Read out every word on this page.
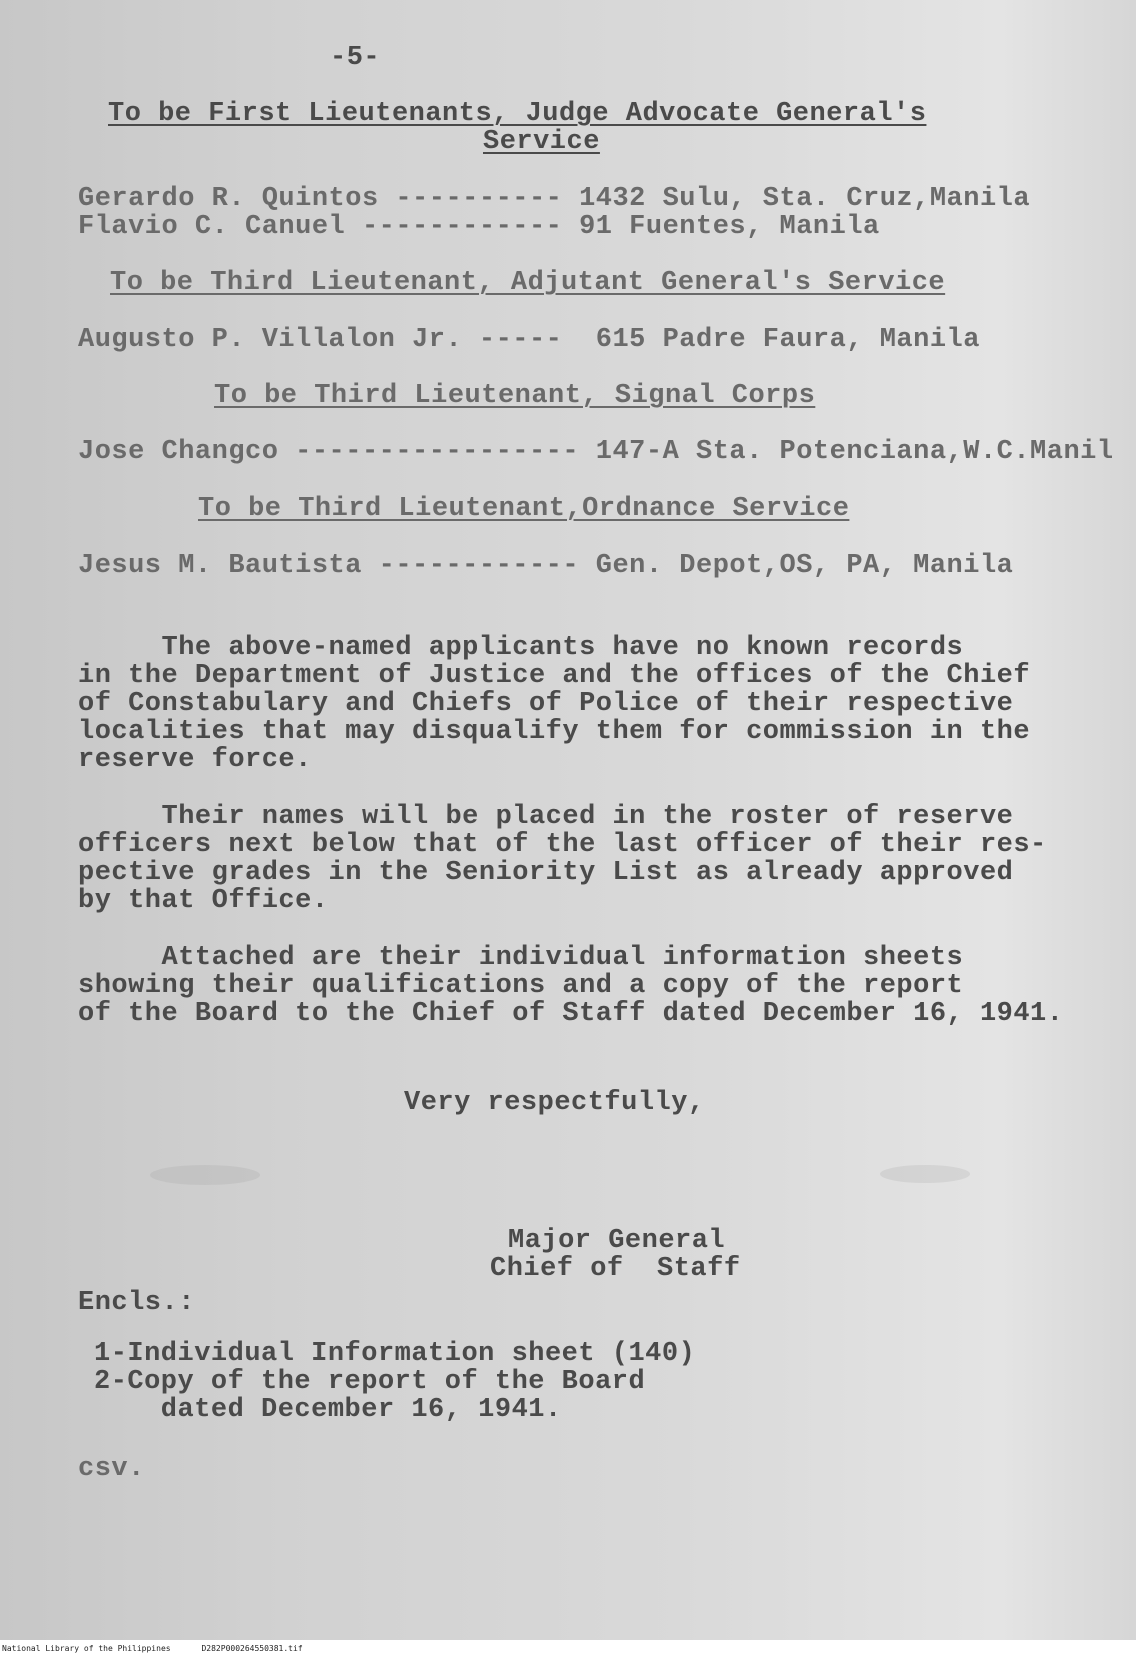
-5-
To be First Lieutenants, Judge Advocate General's
Service
Gerardo R. Quintos ---------- 1432 Sulu, Sta. Cruz,Manila
Flavio C. Canuel ------------ 91 Fuentes, Manila
To be Third Lieutenant, Adjutant General's Service
Augusto P. Villalon Jr. -----  615 Padre Faura, Manila
To be Third Lieutenant, Signal Corps
Jose Changco ----------------- 147-A Sta. Potenciana,W.C.Manil
To be Third Lieutenant,Ordnance Service
Jesus M. Bautista ------------ Gen. Depot,OS, PA, Manila
The above-named applicants have no known records
in the Department of Justice and the offices of the Chief
of Constabulary and Chiefs of Police of their respective
localities that may disqualify them for commission in the
reserve force.
Their names will be placed in the roster of reserve
officers next below that of the last officer of their res-
pective grades in the Seniority List as already approved
by that Office.
Attached are their individual information sheets
showing their qualifications and a copy of the report
of the Board to the Chief of Staff dated December 16, 1941.
Very respectfully,
Major General
Chief of  Staff
Encls.:
1-Individual Information sheet (140)
2-Copy of the report of the Board
dated December 16, 1941.
csv.
National Library of the Philippines	D282P000264550381.tif
